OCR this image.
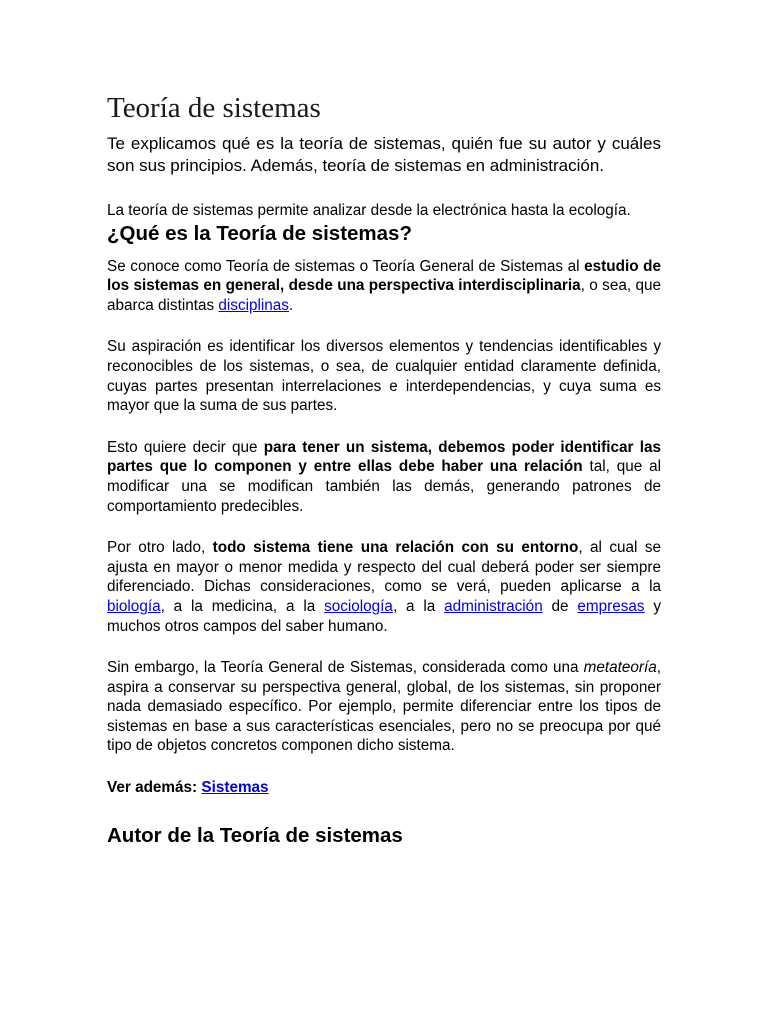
Teoría de sistemas
Te explicamos qué es la teoría de sistemas, quién fue su autor y cuáles son sus principios. Además, teoría de sistemas en administración.

La teoría de sistemas permite analizar desde la electrónica hasta la ecología.

¿Qué es la Teoría de sistemas?

Se conoce como Teoría de sistemas o Teoría General de Sistemas al estudio de los sistemas en general, desde una perspectiva interdisciplinaria, o sea, que abarca distintas disciplinas.

Su aspiración es identificar los diversos elementos y tendencias identificables y reconocibles de los sistemas, o sea, de cualquier entidad claramente definida, cuyas partes presentan interrelaciones e interdependencias, y cuya suma es mayor que la suma de sus partes.

Esto quiere decir que para tener un sistema, debemos poder identificar las partes que lo componen y entre ellas debe haber una relación tal, que al modificar una se modifican también las demás, generando patrones de comportamiento predecibles.

Por otro lado, todo sistema tiene una relación con su entorno, al cual se ajusta en mayor o menor medida y respecto del cual deberá poder ser siempre diferenciado. Dichas consideraciones, como se verá, pueden aplicarse a la biología, a la medicina, a la sociología, a la administración de empresas y muchos otros campos del saber humano.

Sin embargo, la Teoría General de Sistemas, considerada como una metateoría, aspira a conservar su perspectiva general, global, de los sistemas, sin proponer nada demasiado específico. Por ejemplo, permite diferenciar entre los tipos de sistemas en base a sus características esenciales, pero no se preocupa por qué tipo de objetos concretos componen dicho sistema.

Ver además: Sistemas

Autor de la Teoría de sistemas
